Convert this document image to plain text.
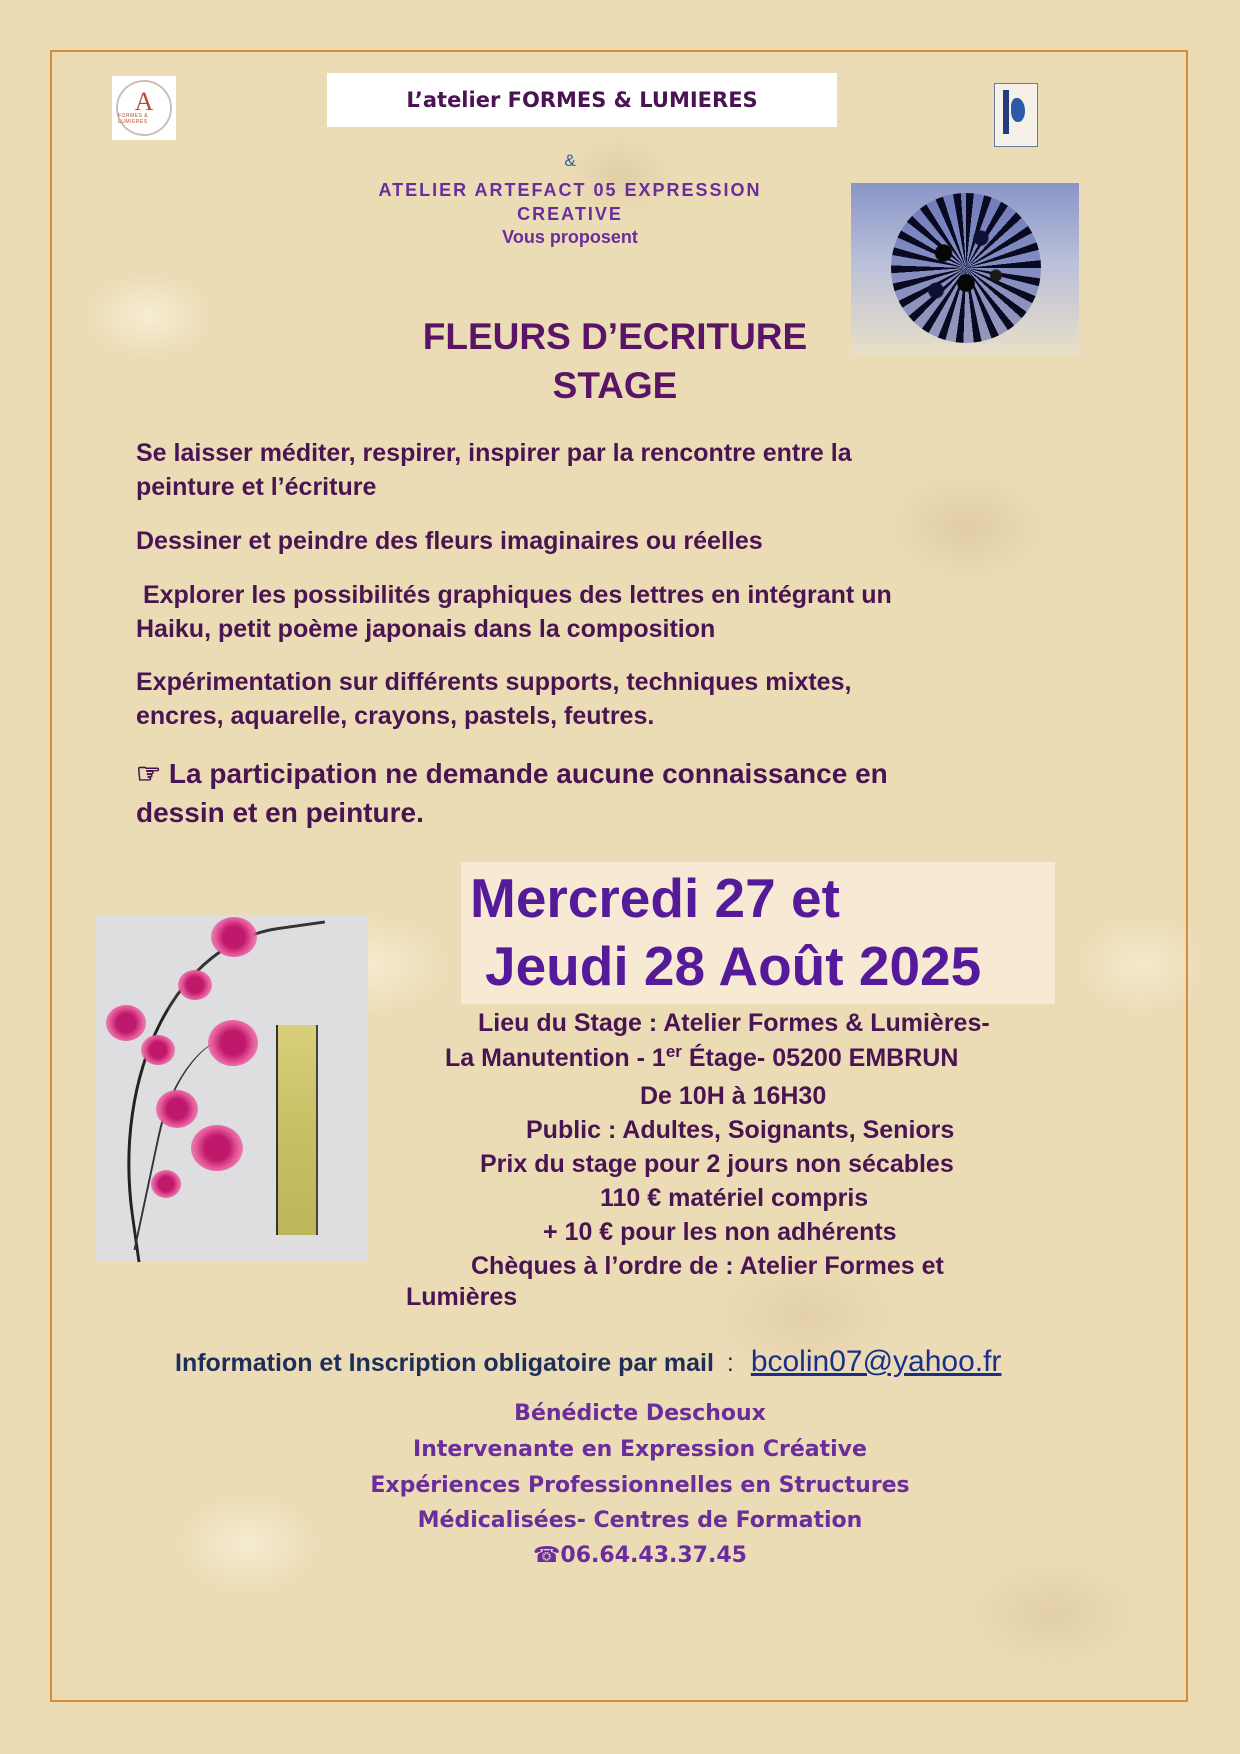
A
FORMES & LUMIERES
L’atelier FORMES & LUMIERES
&
ATELIER ARTEFACT 05 EXPRESSION
CREATIVE
Vous proposent
FLEURS D’ECRITURE
STAGE
Se laisser méditer, respirer, inspirer par la rencontre entre la
peinture et l’écriture
Dessiner et peindre des fleurs imaginaires ou réelles
Explorer les possibilités graphiques des lettres en intégrant un
Haiku, petit poème japonais dans la composition
Expérimentation sur différents supports, techniques mixtes,
encres, aquarelle, crayons, pastels, feutres.
☞ La participation ne demande aucune connaissance en
dessin et en peinture.
Mercredi 27 et
Jeudi 28 Août 2025
Lieu du Stage : Atelier Formes & Lumières-
La Manutention - 1er Étage- 05200 EMBRUN
De 10H à 16H30
Public : Adultes, Soignants, Seniors
Prix du stage pour 2 jours non sécables
110 € matériel compris
+ 10 € pour les non adhérents
Chèques à l’ordre de : Atelier Formes et
Lumières
Information et Inscription obligatoire par mail : bcolin07@yahoo.fr
Bénédicte Deschoux
Intervenante en Expression Créative
Expériences Professionnelles en Structures
Médicalisées- Centres de Formation
☎06.64.43.37.45
